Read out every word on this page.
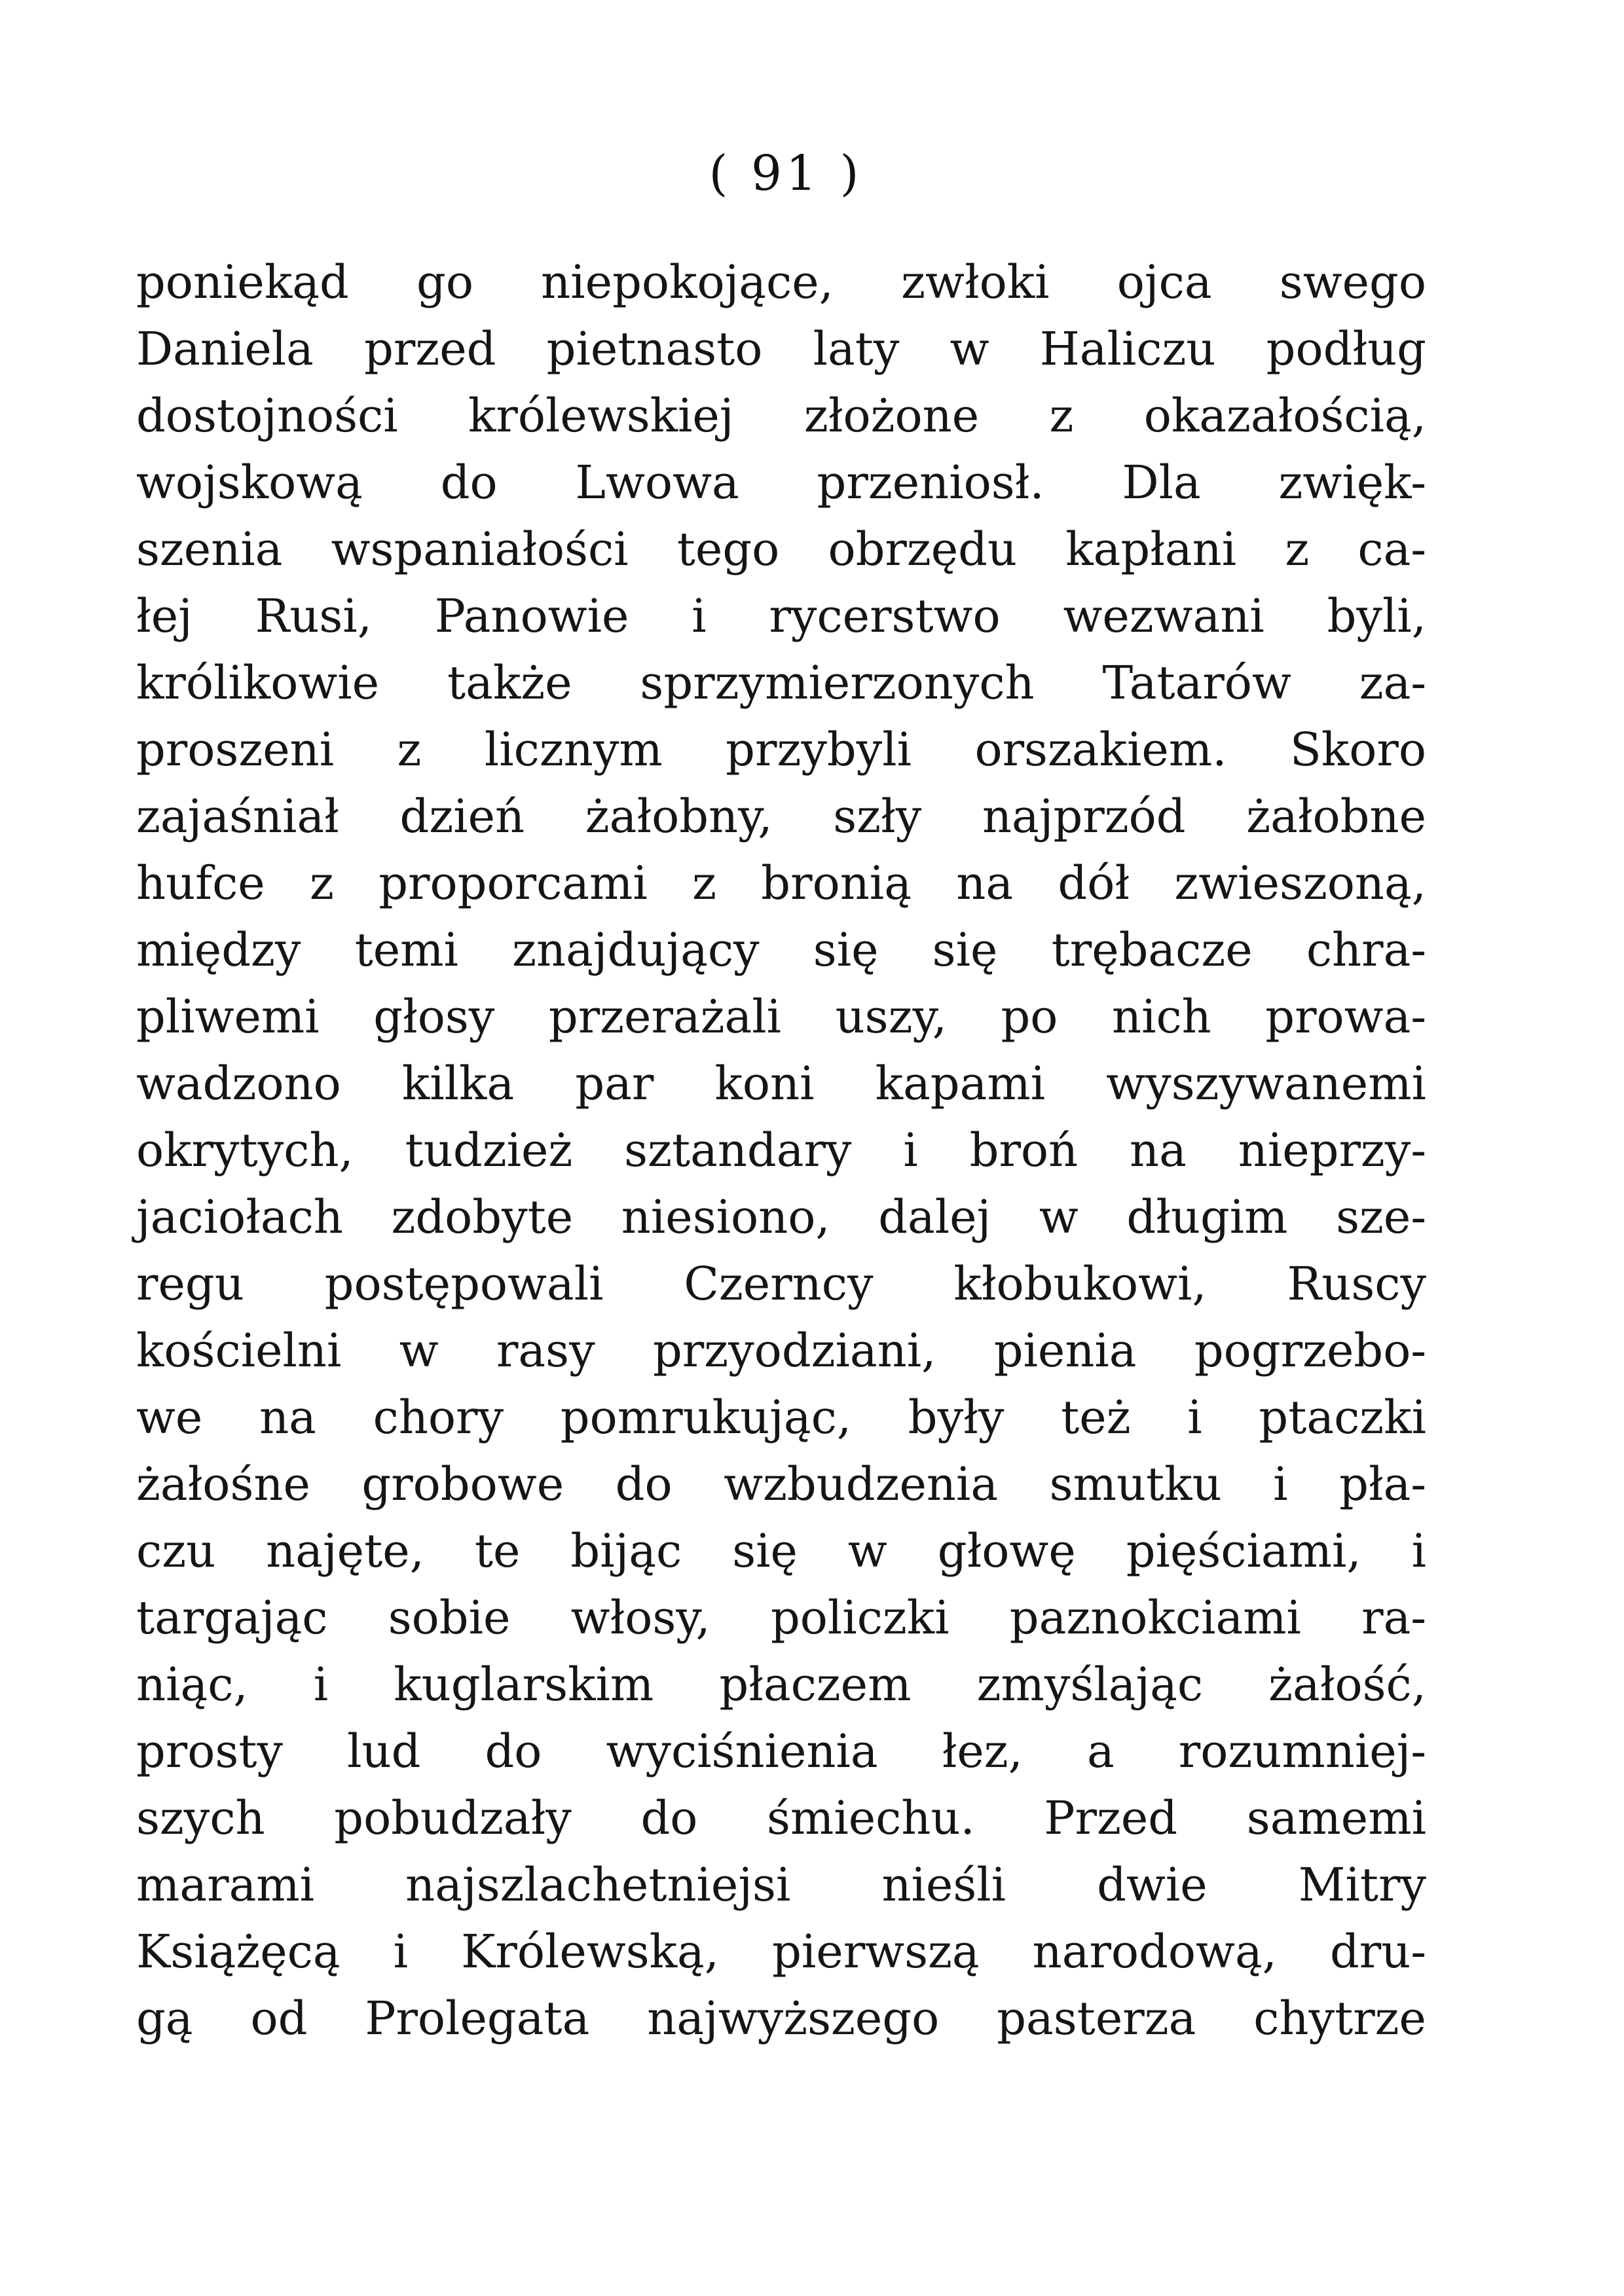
( 91 )
poniekąd go niepokojące, zwłoki ojca swego
Daniela przed pietnasto laty w Haliczu podług
dostojności królewskiej złożone z okazałością,
wojskową do Lwowa przeniosł. Dla zwięk-
szenia wspaniałości tego obrzędu kapłani z ca-
łej Rusi, Panowie i rycerstwo wezwani byli,
królikowie także sprzymierzonych Tatarów za-
proszeni z licznym przybyli orszakiem. Skoro
zajaśniał dzień żałobny, szły najprzód żałobne
hufce z proporcami z bronią na dół zwieszoną,
między temi znajdujący się się trębacze chra-
pliwemi głosy przerażali uszy, po nich prowa-
wadzono kilka par koni kapami wyszywanemi
okrytych, tudzież sztandary i broń na nieprzy-
jaciołach zdobyte niesiono, dalej w długim sze-
regu postępowali Czerncy kłobukowi, Ruscy
kościelni w rasy przyodziani, pienia pogrzebo-
we na chory pomrukując, były też i ptaczki
żałośne grobowe do wzbudzenia smutku i pła-
czu najęte, te bijąc się w głowę pięściami, i
targając sobie włosy, policzki paznokciami ra-
niąc, i kuglarskim płaczem zmyślając żałość,
prosty lud do wyciśnienia łez, a rozumniej-
szych pobudzały do śmiechu. Przed samemi
marami najszlachetniejsi nieśli dwie Mitry
Książęcą i Królewską, pierwszą narodową, dru-
gą od Prolegata najwyższego pasterza chytrze
